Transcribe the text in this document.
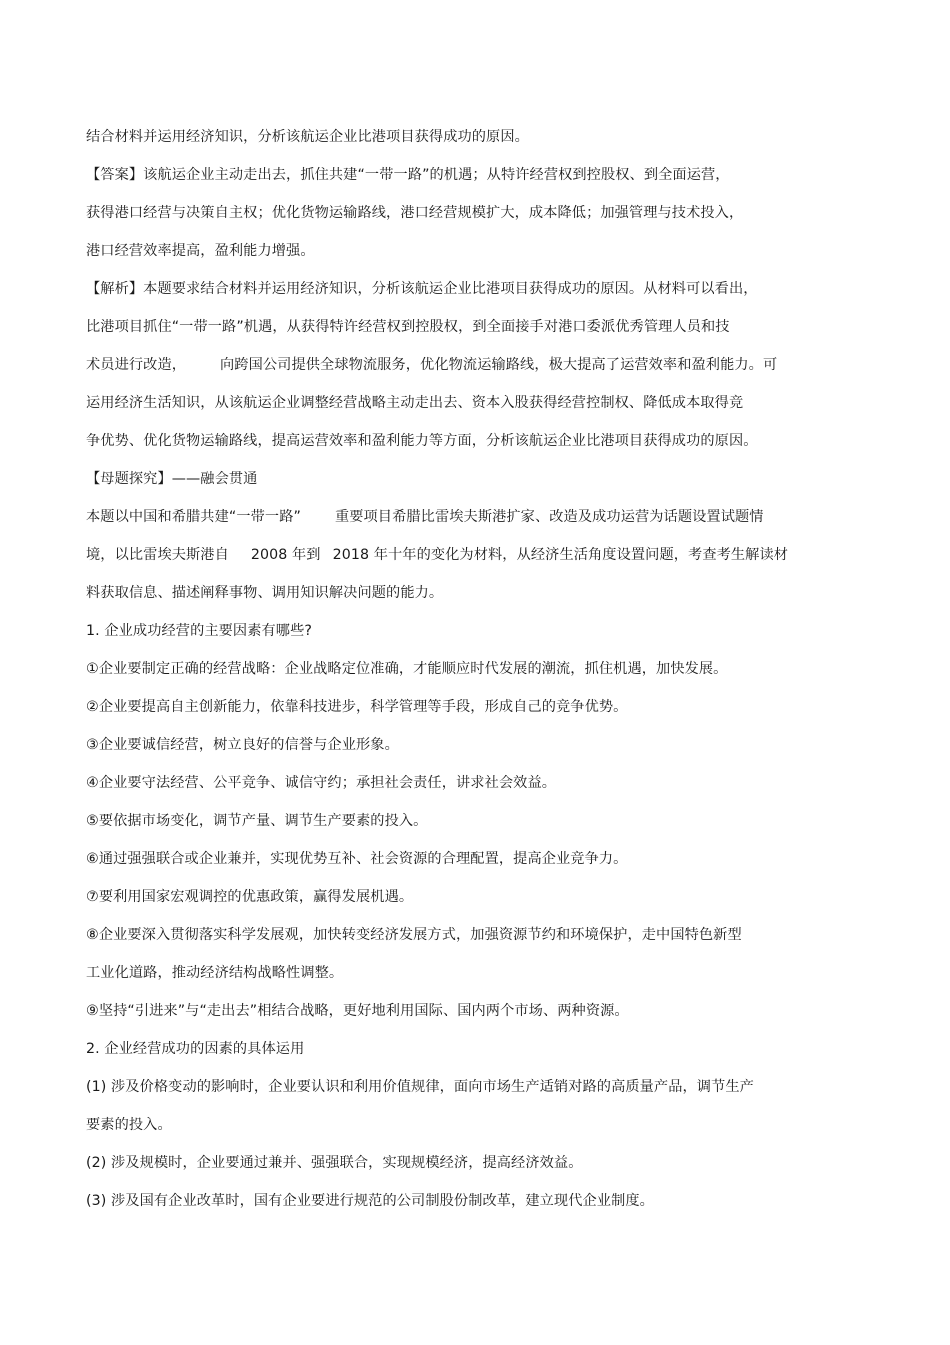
结合材料并运用经济知识，分析该航运企业比港项目获得成功的原因。
【答案】该航运企业主动走出去，抓住共建“一带一路”的机遇；从特许经营权到控股权、到全面运营，
获得港口经营与决策自主权；优化货物运输路线，港口经营规模扩大，成本降低；加强管理与技术投入，
港口经营效率提高，盈利能力增强。
【解析】本题要求结合材料并运用经济知识，分析该航运企业比港项目获得成功的原因。从材料可以看出，
比港项目抓住“一带一路”机遇，从获得特许经营权到控股权，到全面接手对港口委派优秀管理人员和技
术员进行改造， 向跨国公司提供全球物流服务，优化物流运输路线，极大提高了运营效率和盈利能力。可
运用经济生活知识，从该航运企业调整经营战略主动走出去、资本入股获得经营控制权、降低成本取得竞
争优势、优化货物运输路线，提高运营效率和盈利能力等方面，分析该航运企业比港项目获得成功的原因。
【母题探究】——融会贯通
本题以中国和希腊共建“一带一路” 重要项目希腊比雷埃夫斯港扩家、改造及成功运营为话题设置试题情
境，以比雷埃夫斯港自 2008 年到 2018 年十年的变化为材料，从经济生活角度设置问题，考查考生解读材
料获取信息、描述阐释事物、调用知识解决问题的能力。
1. 企业成功经营的主要因素有哪些?
①企业要制定正确的经营战略：企业战略定位准确，才能顺应时代发展的潮流，抓住机遇，加快发展。
②企业要提高自主创新能力，依靠科技进步，科学管理等手段，形成自己的竞争优势。
③企业要诚信经营，树立良好的信誉与企业形象。
④企业要守法经营、公平竞争、诚信守约；承担社会责任，讲求社会效益。
⑤要依据市场变化，调节产量、调节生产要素的投入。
⑥通过强强联合或企业兼并，实现优势互补、社会资源的合理配置，提高企业竞争力。
⑦要利用国家宏观调控的优惠政策，赢得发展机遇。
⑧企业要深入贯彻落实科学发展观，加快转变经济发展方式，加强资源节约和环境保护，走中国特色新型
工业化道路，推动经济结构战略性调整。
⑨坚持“引进来”与“走出去”相结合战略，更好地利用国际、国内两个市场、两种资源。
2. 企业经营成功的因素的具体运用
(1) 涉及价格变动的影响时，企业要认识和利用价值规律，面向市场生产适销对路的高质量产品，调节生产
要素的投入。
(2) 涉及规模时，企业要通过兼并、强强联合，实现规模经济，提高经济效益。
(3) 涉及国有企业改革时，国有企业要进行规范的公司制股份制改革，建立现代企业制度。
